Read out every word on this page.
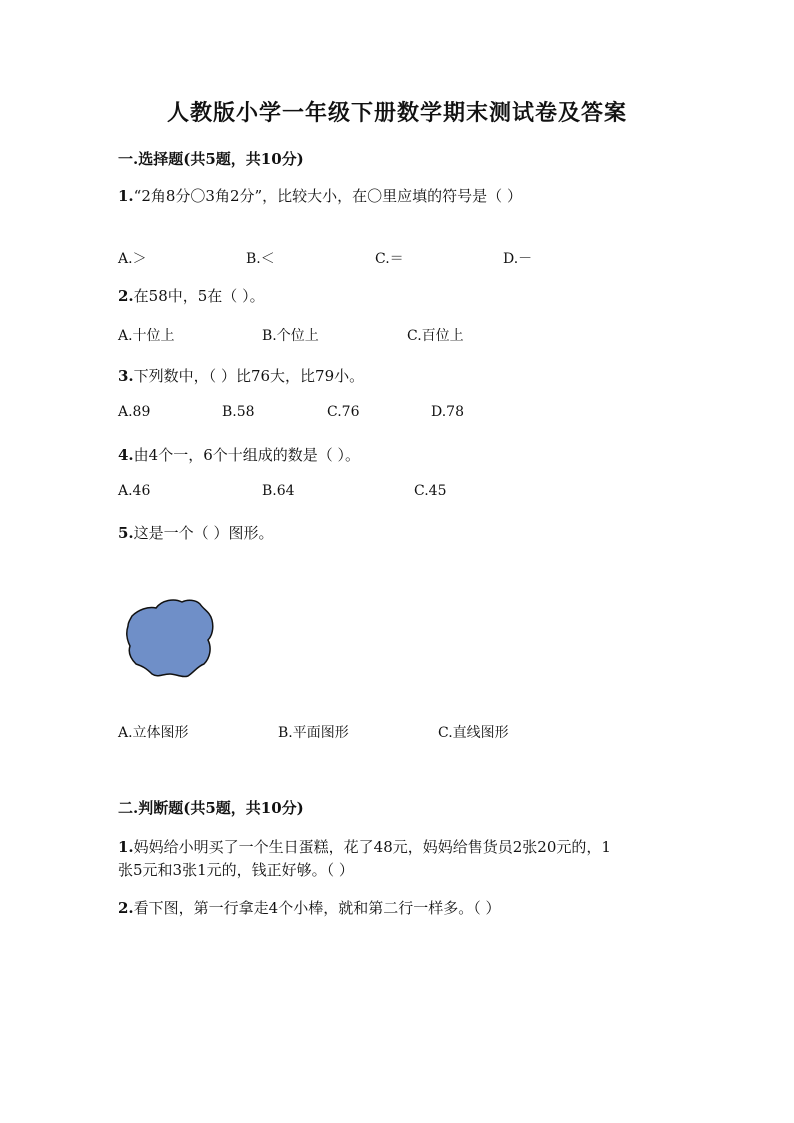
人教版小学一年级下册数学期末测试卷及答案
一.选择题(共5题，共10分)
1.“2角8分〇3角2分”，比较大小，在〇里应填的符号是（ ）
A.＞	B.＜	C.＝	D.－
2.在58中，5在（ ）。
A.十位上	B.个位上	C.百位上
3.下列数中，（ ）比76大，比79小。
A.89	B.58	C.76	D.78
4.由4个一，6个十组成的数是（ ）。
A.46	B.64	C.45
5.这是一个（ ）图形。
A.立体图形	B.平面图形	C.直线图形
二.判断题(共5题，共10分)
1.妈妈给小明买了一个生日蛋糕，花了48元，妈妈给售货员2张20元的，1
张5元和3张1元的，钱正好够。（ ）
2.看下图，第一行拿走4个小棒，就和第二行一样多。（ ）
